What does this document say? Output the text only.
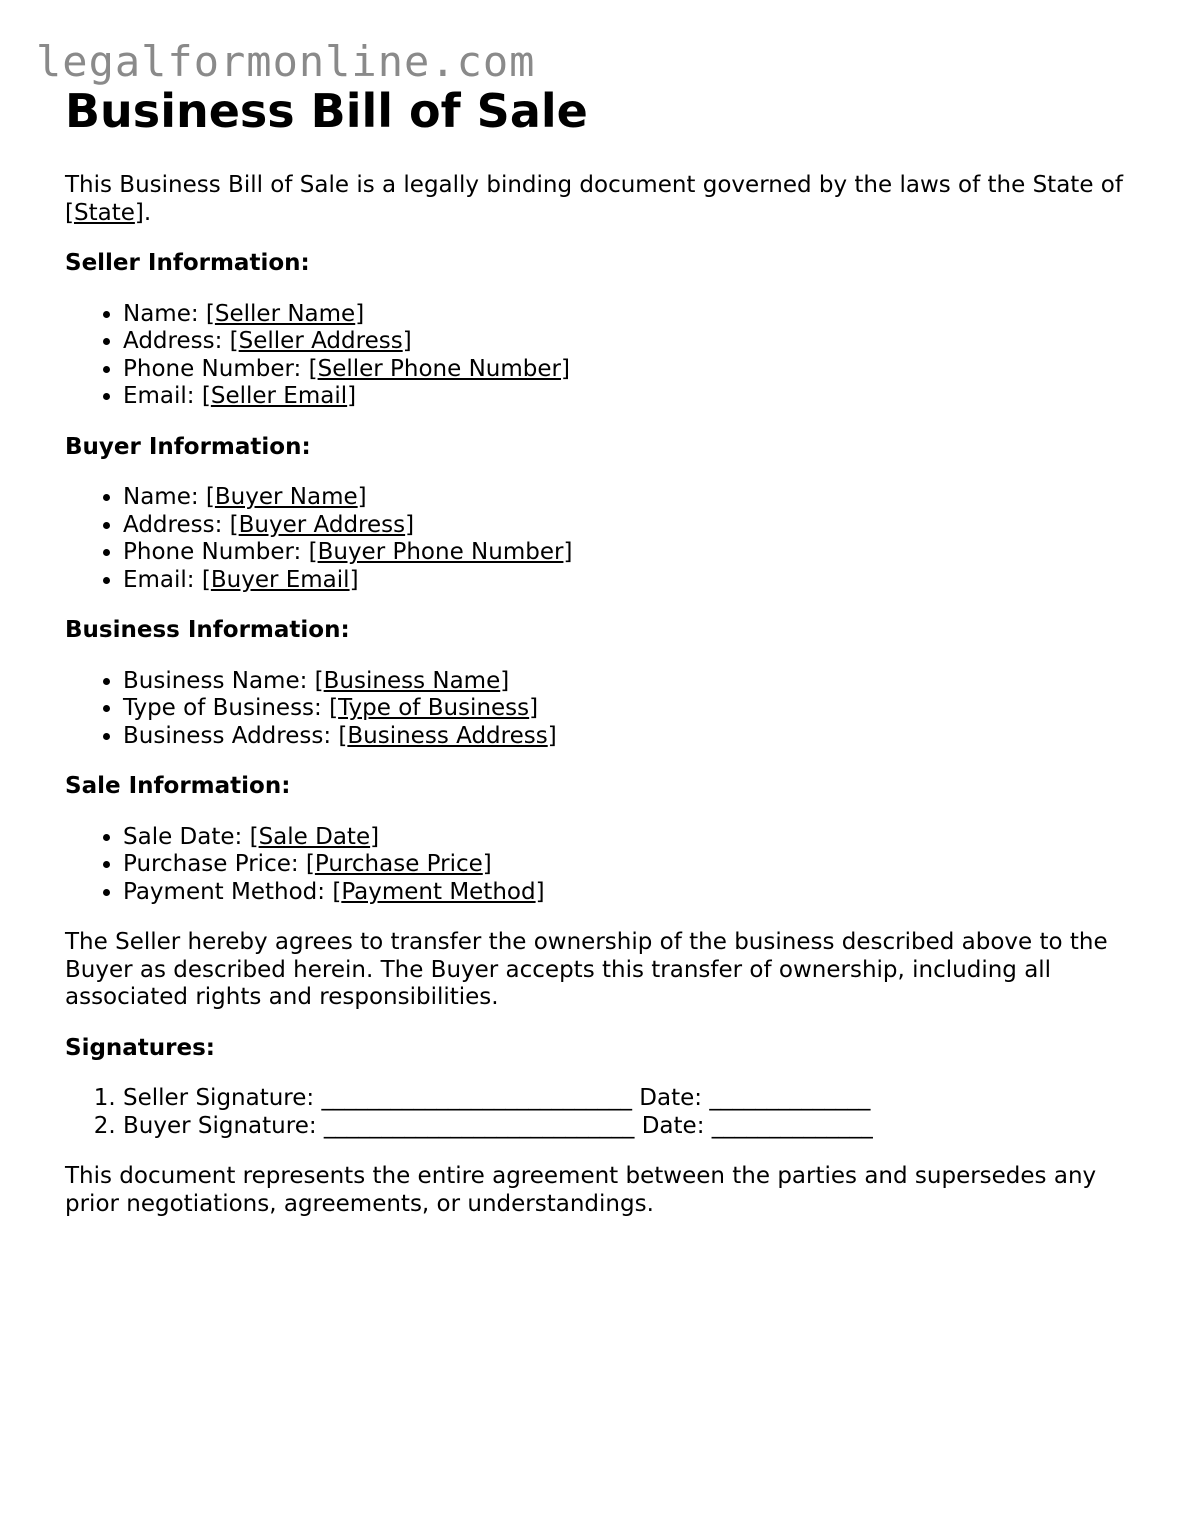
legalformonline.com
Business Bill of Sale

This Business Bill of Sale is a legally binding document governed by the laws of the State of [State].

Seller Information:
• Name: [Seller Name]
• Address: [Seller Address]
• Phone Number: [Seller Phone Number]
• Email: [Seller Email]
Buyer Information:
• Name: [Buyer Name]
• Address: [Buyer Address]
• Phone Number: [Buyer Phone Number]
• Email: [Buyer Email]
Business Information:
• Business Name: [Business Name]
• Type of Business: [Type of Business]
• Business Address: [Business Address]
Sale Information:
• Sale Date: [Sale Date]
• Purchase Price: [Purchase Price]
• Payment Method: [Payment Method]

The Seller hereby agrees to transfer the ownership of the business described above to the Buyer as described herein. The Buyer accepts this transfer of ownership, including all associated rights and responsibilities.

Signatures:
1. Seller Signature: ___________________________ Date: ______________
2. Buyer Signature: ___________________________ Date: ______________

This document represents the entire agreement between the parties and supersedes any prior negotiations, agreements, or understandings.
